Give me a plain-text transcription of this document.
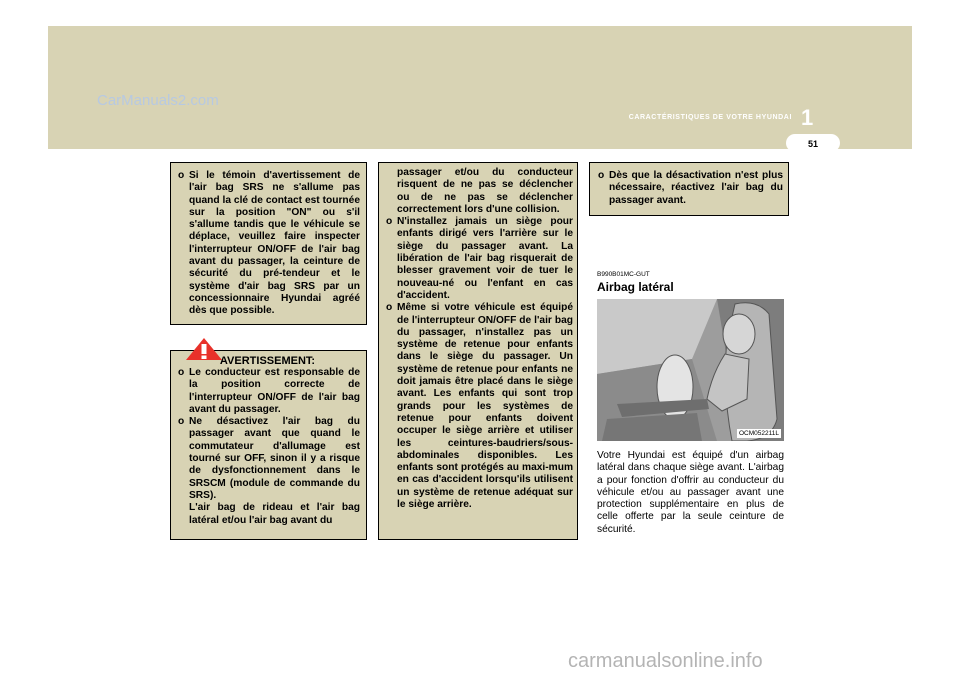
CarManuals2.com
CARACTÉRISTIQUES DE VOTRE HYUNDAI 1
51

o Si le témoin d'avertissement de l'air bag SRS ne s'allume pas quand la clé de contact est tournée sur la position "ON" ou s'il s'allume tandis que le véhicule se déplace, veuillez faire inspecter l'interrupteur ON/OFF de l'air bag avant du passager, la ceinture de sécurité du pré-tendeur et le système d'air bag SRS par un concessionnaire Hyundai agréé dès que possible.

AVERTISSEMENT:

o Le conducteur est responsable de la position correcte de l'interrupteur ON/OFF de l'air bag avant du passager.

o Ne désactivez l'air bag du passager avant que quand le commutateur d'allumage est tourné sur OFF, sinon il y a risque de dysfonctionnement dans le SRSCM (module de commande du SRS).

L'air bag de rideau et l'air bag latéral et/ou l'air bag avant du

passager et/ou du conducteur risquent de ne pas se déclencher ou de ne pas se déclencher correctement lors d'une collision.

o N'installez jamais un siège pour enfants dirigé vers l'arrière sur le siège du passager avant. La libération de l'air bag risquerait de blesser gravement voir de tuer le nouveau-né ou l'enfant en cas d'accident.

o Même si votre véhicule est équipé de l'interrupteur ON/OFF de l'air bag du passager, n'installez pas un système de retenue pour enfants dans le siège du passager. Un système de retenue pour enfants ne doit jamais être placé dans le siège avant. Les enfants qui sont trop grands pour les systèmes de retenue pour enfants doivent occuper le siège arrière et utiliser les ceintures-baudriers/sous-abdominales disponibles. Les enfants sont protégés au maxi-mum en cas d'accident lorsqu'ils utilisent un système de retenue adéquat sur le siège arrière.

o Dès que la désactivation n'est plus nécessaire, réactivez l'air bag du passager avant.

B990B01MC-GUT
Airbag latéral
OCM052211L
Votre Hyundai est équipé d'un airbag latéral dans chaque siège avant. L'airbag a pour fonction d'offrir au conducteur du véhicule et/ou au passager avant une protection supplémentaire en plus de celle offerte par la seule ceinture de sécurité.
carmanualsonline.info
